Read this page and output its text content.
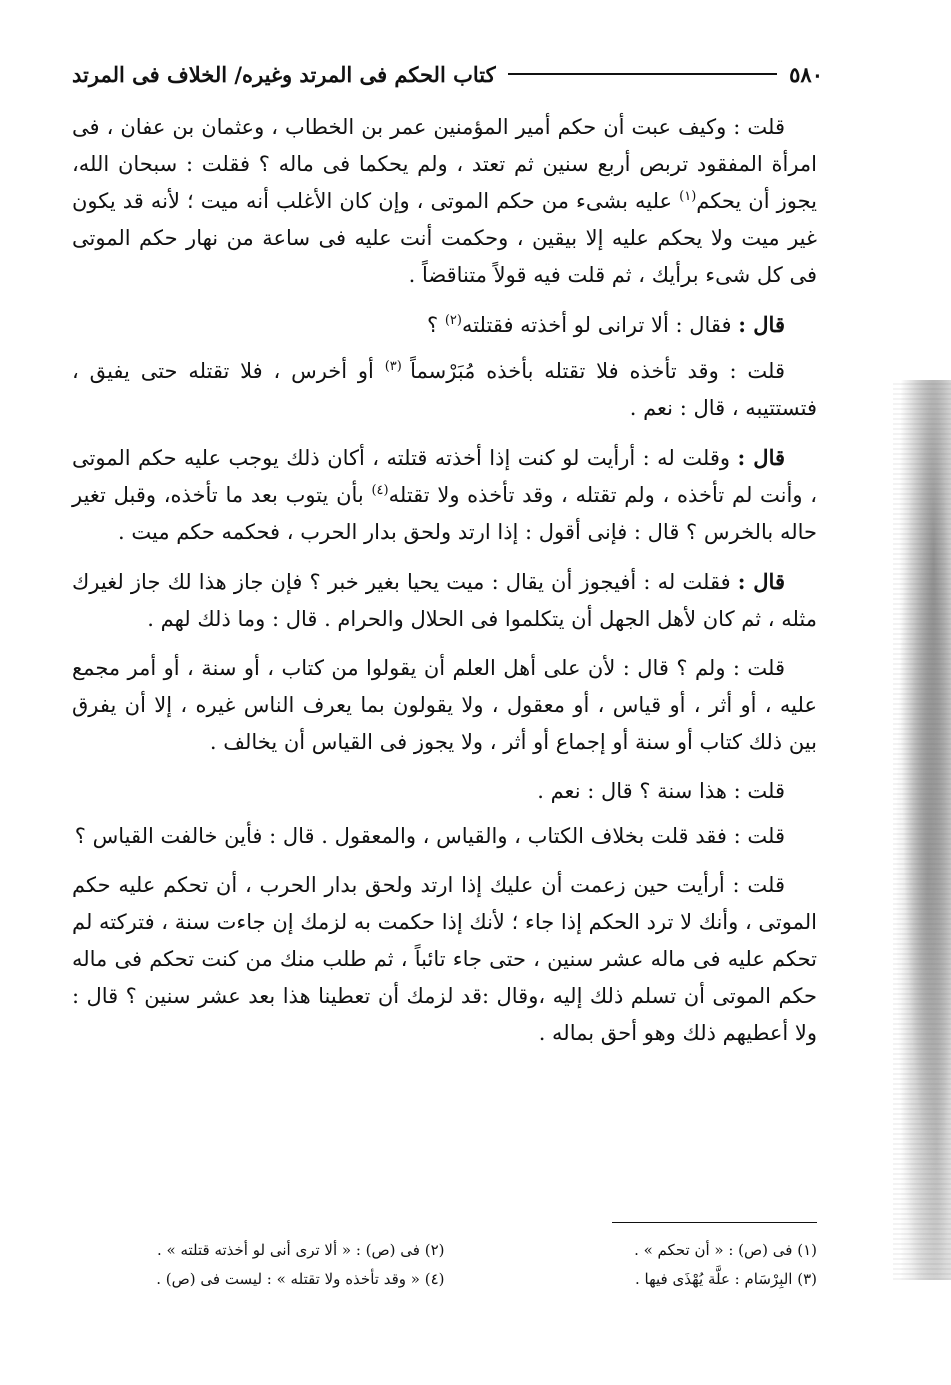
٥٨٠
كتاب الحكم فى المرتد وغيره/ الخلاف فى المرتد

قلت : وكيف عبت أن حكم أمير المؤمنين عمر بن الخطاب ، وعثمان بن عفان ، فى امرأة المفقود تربص أربع سنين ثم تعتد ، ولم يحكما فى ماله ؟ فقلت : سبحان الله، يجوز أن يحكم$^{(١)}$ عليه بشىء من حكم الموتى ، وإن كان الأغلب أنه ميت ؛ لأنه قد يكون غير ميت ولا يحكم عليه إلا بيقين ، وحكمت أنت عليه فى ساعة من نهار حكم الموتى فى كل شىء برأيك ، ثم قلت فيه قولاً متناقضاً .

قال : فقال : ألا ترانى لو أخذته فقتلته$^{(٢)}$ ؟

قلت : وقد تأخذه فلا تقتله بأخذه مُبَرْسماً $^{(٣)}$ أو أخرس ، فلا تقتله حتى يفيق ، فتستتيبه ، قال : نعم .

قال : وقلت له : أرأيت لو كنت إذا أخذته قتلته ، أكان ذلك يوجب عليه حكم الموتى ، وأنت لم تأخذه ، ولم تقتله ، وقد تأخذه ولا تقتله$^{(٤)}$ بأن يتوب بعد ما تأخذه، وقبل تغير حاله بالخرس ؟ قال : فإنى أقول : إذا ارتد ولحق بدار الحرب ، فحكمه حكم ميت .

قال : فقلت له : أفيجوز أن يقال : ميت يحيا بغير خبر ؟ فإن جاز هذا لك جاز لغيرك مثله ، ثم كان لأهل الجهل أن يتكلموا فى الحلال والحرام . قال : وما ذلك لهم .

قلت : ولم ؟ قال : لأن على أهل العلم أن يقولوا من كتاب ، أو سنة ، أو أمر مجمع عليه ، أو أثر ، أو قياس ، أو معقول ، ولا يقولون بما يعرف الناس غيره ، إلا أن يفرق بين ذلك كتاب أو سنة أو إجماع أو أثر ، ولا يجوز فى القياس أن يخالف .

قلت : هذا سنة ؟ قال : نعم .

قلت : فقد قلت بخلاف الكتاب ، والقياس ، والمعقول . قال : فأين خالفت القياس ؟

قلت : أرأيت حين زعمت أن عليك إذا ارتد ولحق بدار الحرب ، أن تحكم عليه حكم الموتى ، وأنك لا ترد الحكم إذا جاء ؛ لأنك إذا حكمت به لزمك إن جاءت سنة ، فتركته لم تحكم عليه فى ماله عشر سنين ، حتى جاء تائباً ، ثم طلب منك من كنت تحكم فى ماله حكم الموتى أن تسلم ذلك إليه ،وقال :قد لزمك أن تعطينا هذا بعد عشر سنين ؟ قال : ولا أعطيهم ذلك وهو أحق بماله .

(١) فى (ص) : « أن تحكم » .
(٢) فى (ص) : « ألا ترى أنى لو أخذته قتلته » .
(٣) البِرْسَام : علَّة يُهْذَى فيها .
(٤) « وقد تأخذه ولا تقتله » : ليست فى (ص) .
